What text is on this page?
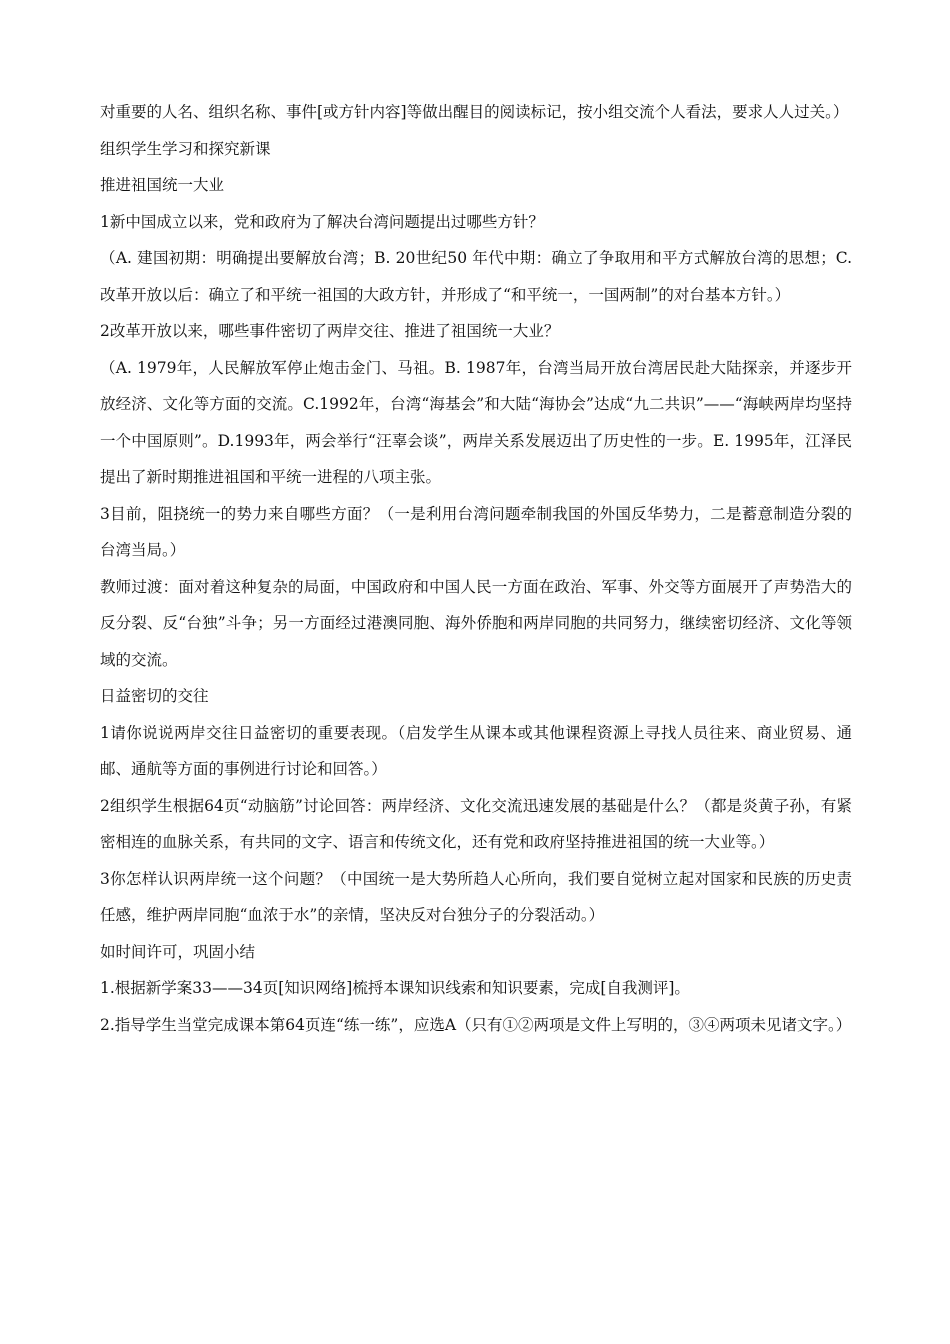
对重要的人名、组织名称、事件[或方针内容]等做出醒目的阅读标记，按小组交流个人看法，要求人人过关。）

组织学生学习和探究新课

推进祖国统一大业

1新中国成立以来，党和政府为了解决台湾问题提出过哪些方针？

（A. 建国初期：明确提出要解放台湾；B. 20世纪50 年代中期：确立了争取用和平方式解放台湾的思想；C. 改革开放以后：确立了和平统一祖国的大政方针，并形成了“和平统一，一国两制”的对台基本方针。）

2改革开放以来，哪些事件密切了两岸交往、推进了祖国统一大业？

（A. 1979年，人民解放军停止炮击金门、马祖。B. 1987年，台湾当局开放台湾居民赴大陆探亲，并逐步开放经济、文化等方面的交流。C.1992年，台湾“海基会”和大陆“海协会”达成“九二共识”——“海峡两岸均坚持一个中国原则”。D.1993年，两会举行“汪辜会谈”，两岸关系发展迈出了历史性的一步。E. 1995年，江泽民提出了新时期推进祖国和平统一进程的八项主张。

3目前，阻挠统一的势力来自哪些方面？（一是利用台湾问题牵制我国的外国反华势力，二是蓄意制造分裂的台湾当局。）

教师过渡：面对着这种复杂的局面，中国政府和中国人民一方面在政治、军事、外交等方面展开了声势浩大的反分裂、反“台独”斗争；另一方面经过港澳同胞、海外侨胞和两岸同胞的共同努力，继续密切经济、文化等领域的交流。

日益密切的交往

1请你说说两岸交往日益密切的重要表现。（启发学生从课本或其他课程资源上寻找人员往来、商业贸易、通邮、通航等方面的事例进行讨论和回答。）

2组织学生根据64页“动脑筋”讨论回答：两岸经济、文化交流迅速发展的基础是什么？（都是炎黄子孙，有紧密相连的血脉关系，有共同的文字、语言和传统文化，还有党和政府坚持推进祖国的统一大业等。）

3你怎样认识两岸统一这个问题？（中国统一是大势所趋人心所向，我们要自觉树立起对国家和民族的历史责任感，维护两岸同胞“血浓于水”的亲情，坚决反对台独分子的分裂活动。）

如时间许可，巩固小结

1.根据新学案33——34页[知识网络]梳捋本课知识线索和知识要素，完成[自我测评]。

2.指导学生当堂完成课本第64页连“练一练”，应选A（只有①②两项是文件上写明的，③④两项未见诸文字。）
